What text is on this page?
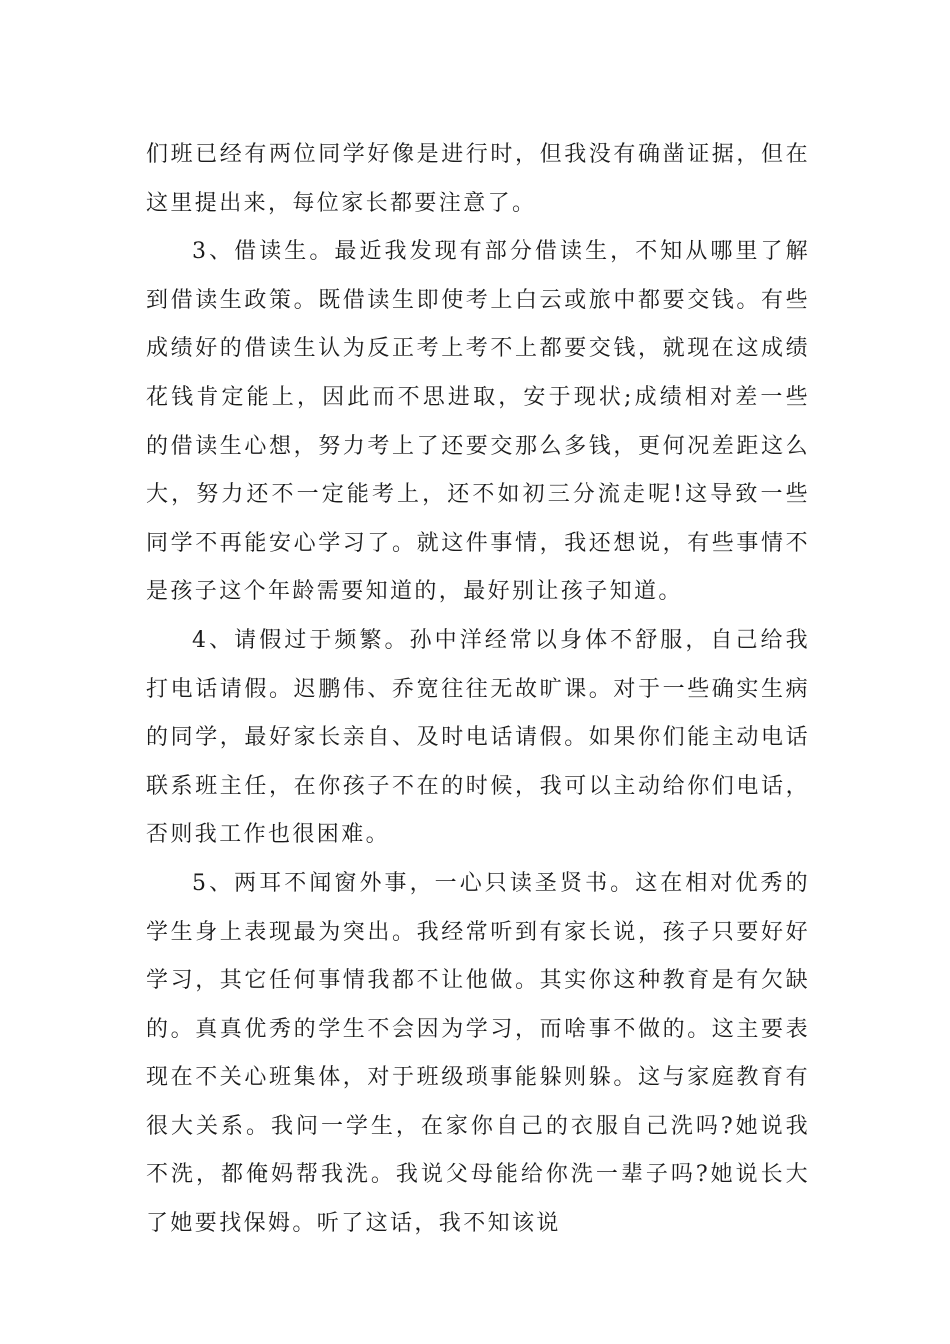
们班已经有两位同学好像是进行时，但我没有确凿证据，但在这里提出来，每位家长都要注意了。

3、借读生。最近我发现有部分借读生，不知从哪里了解到借读生政策。既借读生即使考上白云或旅中都要交钱。有些成绩好的借读生认为反正考上考不上都要交钱，就现在这成绩花钱肯定能上，因此而不思进取，安于现状;成绩相对差一些的借读生心想，努力考上了还要交那么多钱，更何况差距这么大，努力还不一定能考上，还不如初三分流走呢!这导致一些同学不再能安心学习了。就这件事情，我还想说，有些事情不是孩子这个年龄需要知道的，最好别让孩子知道。

4、请假过于频繁。孙中洋经常以身体不舒服，自己给我打电话请假。迟鹏伟、乔宽往往无故旷课。对于一些确实生病的同学，最好家长亲自、及时电话请假。如果你们能主动电话联系班主任，在你孩子不在的时候，我可以主动给你们电话，否则我工作也很困难。

5、两耳不闻窗外事，一心只读圣贤书。这在相对优秀的学生身上表现最为突出。我经常听到有家长说，孩子只要好好学习，其它任何事情我都不让他做。其实你这种教育是有欠缺的。真真优秀的学生不会因为学习，而啥事不做的。这主要表现在不关心班集体，对于班级琐事能躲则躲。这与家庭教育有很大关系。我问一学生，在家你自己的衣服自己洗吗?她说我不洗，都俺妈帮我洗。我说父母能给你洗一辈子吗?她说长大了她要找保姆。听了这话，我不知该说
